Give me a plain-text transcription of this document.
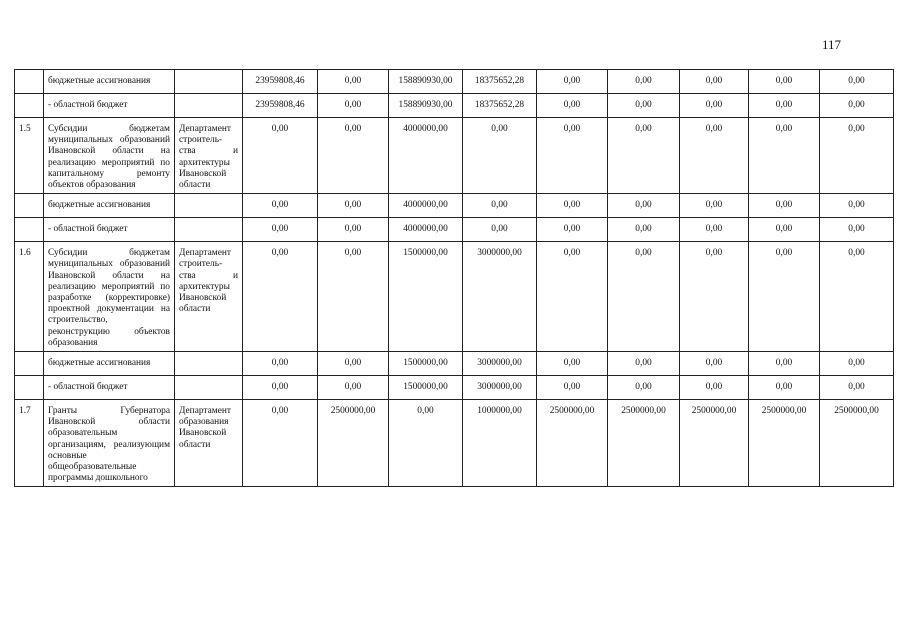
117
	бюджетные ассигнования		23959808,46	0,00	158890930,00	18375652,28	0,00	0,00	0,00	0,00	0,00
	- областной бюджет		23959808,46	0,00	158890930,00	18375652,28	0,00	0,00	0,00	0,00	0,00
1.5	Субсидии бюджетам муниципальных образований Ивановской области на реализацию мероприятий по капитальному ремонту объектов образования	Департамент строитель-ства и архитектуры Ивановской области	0,00	0,00	4000000,00	0,00	0,00	0,00	0,00	0,00	0,00
	бюджетные ассигнования		0,00	0,00	4000000,00	0,00	0,00	0,00	0,00	0,00	0,00
	- областной бюджет		0,00	0,00	4000000,00	0,00	0,00	0,00	0,00	0,00	0,00
1.6	Субсидии бюджетам муниципальных образований Ивановской области на реализацию мероприятий по разработке (корректировке) проектной документации на строительство, реконструкцию объектов образования	Департамент строитель-ства и архитектуры Ивановской области	0,00	0,00	1500000,00	3000000,00	0,00	0,00	0,00	0,00	0,00
	бюджетные ассигнования		0,00	0,00	1500000,00	3000000,00	0,00	0,00	0,00	0,00	0,00
	- областной бюджет		0,00	0,00	1500000,00	3000000,00	0,00	0,00	0,00	0,00	0,00
1.7	Гранты Губернатора Ивановской области образовательным организациям, реализующим основные общеобразовательные программы дошкольного	Департамент образования Ивановской области	0,00	2500000,00	0,00	1000000,00	2500000,00	2500000,00	2500000,00	2500000,00	2500000,00
